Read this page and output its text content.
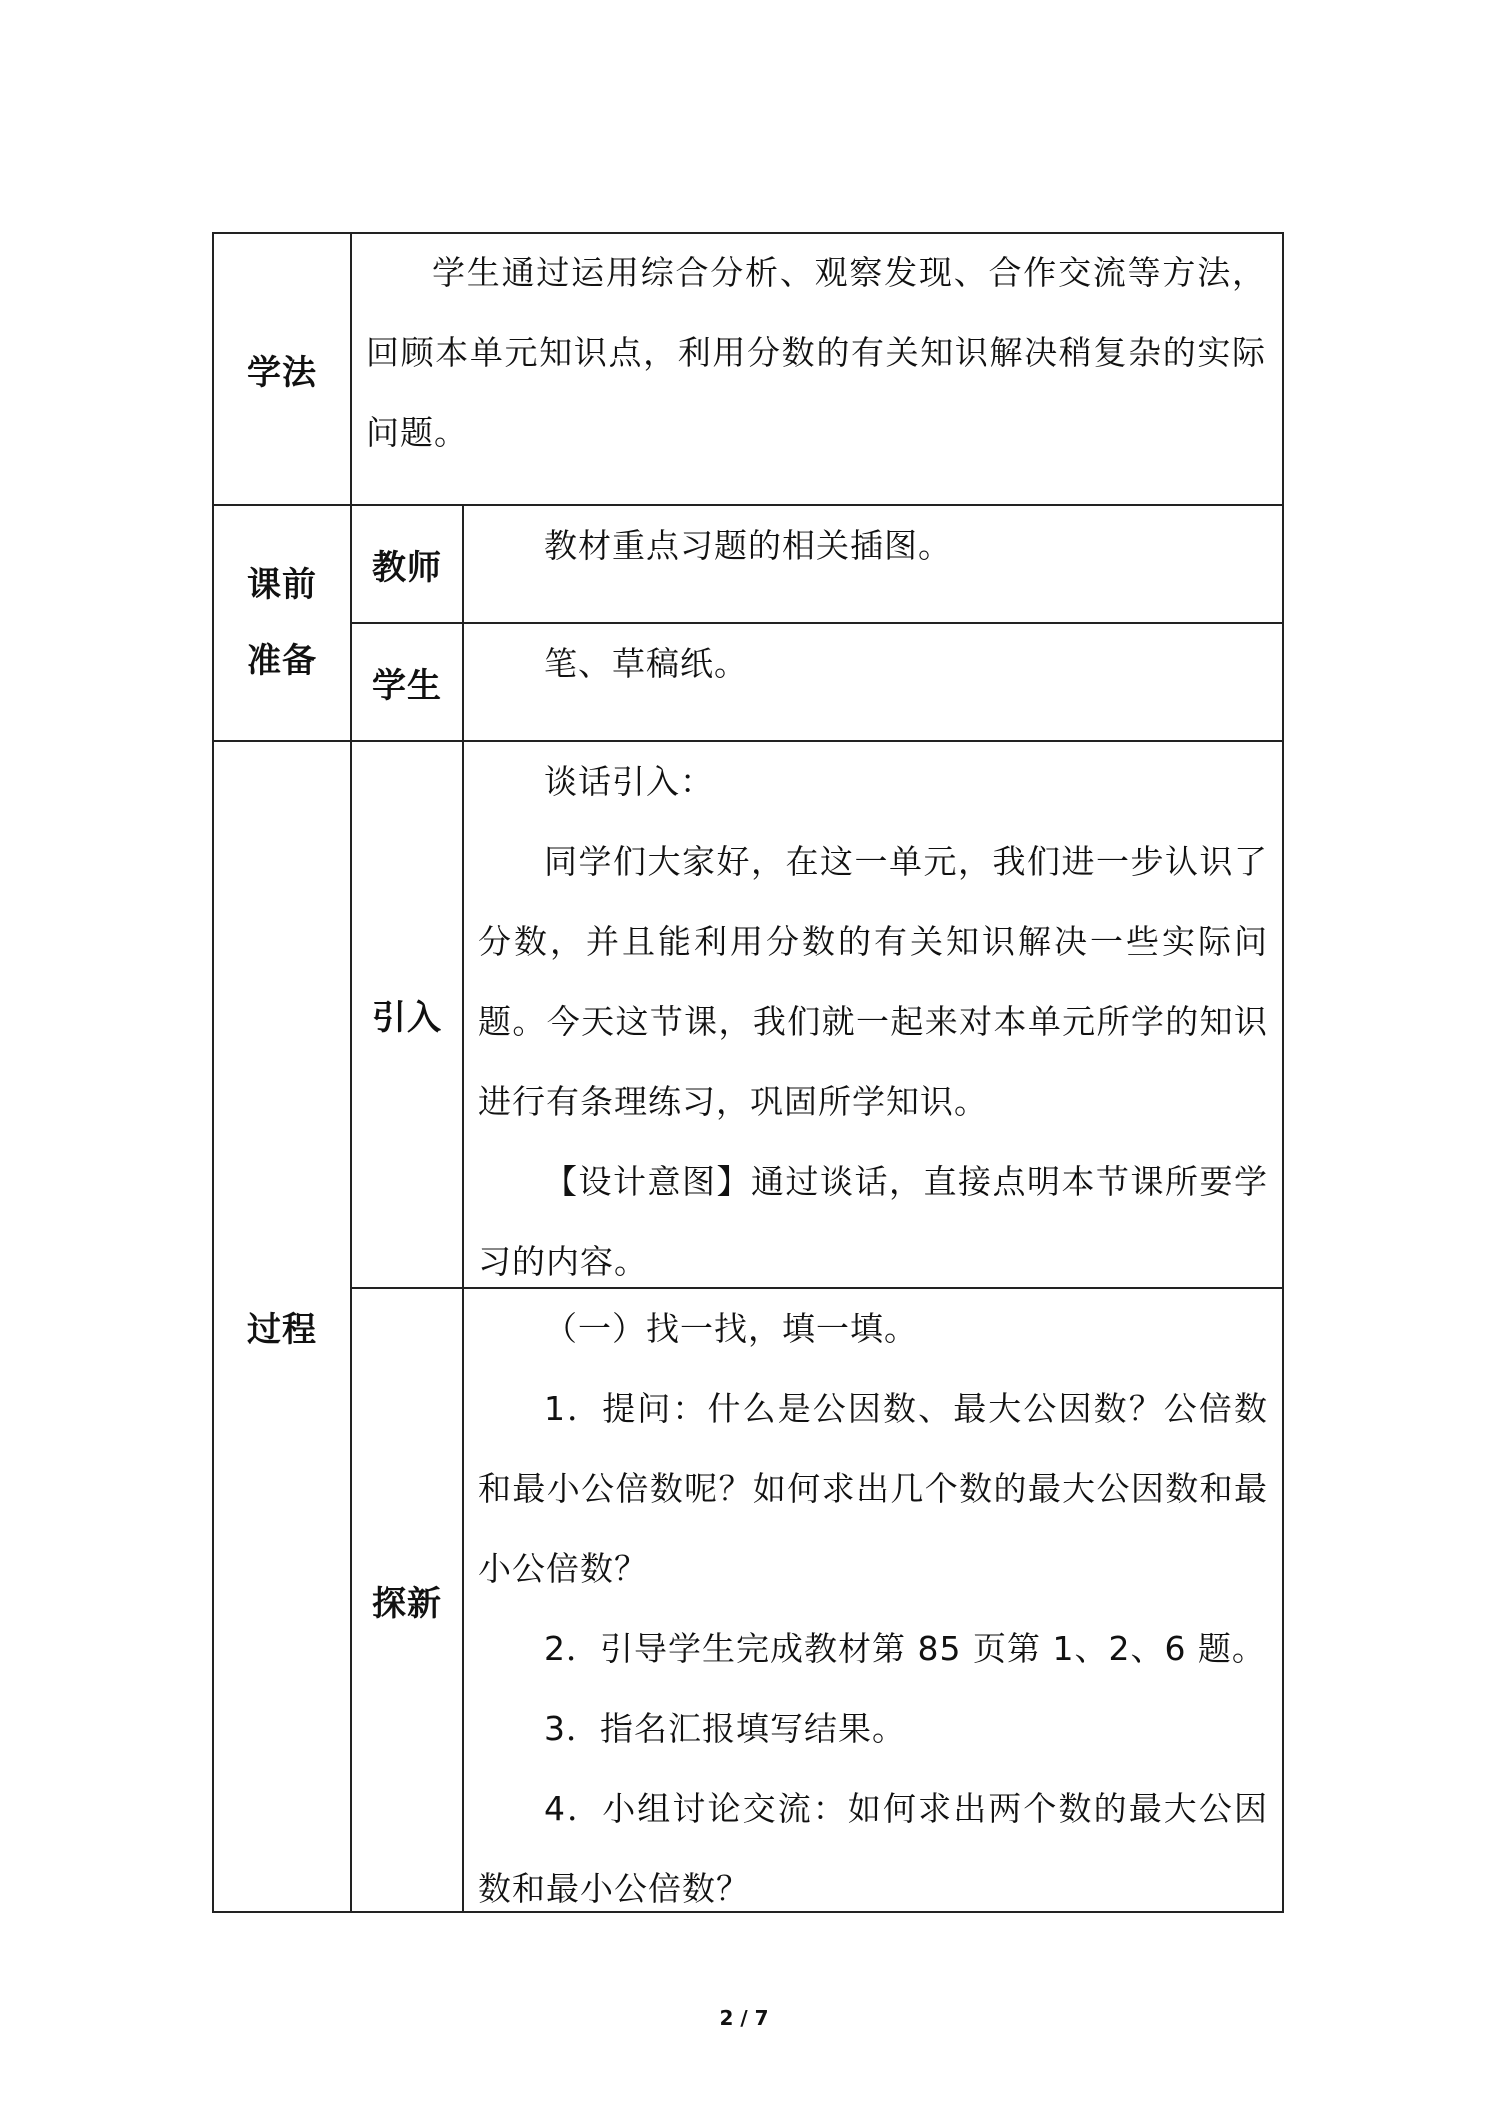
学法

学生通过运用综合分析、观察发现、合作交流等方法，回顾本单元知识点，利用分数的有关知识解决稍复杂的实际问题。

课前
准备
教师

教材重点习题的相关插图。

学生

笔、草稿纸。

过程
引入

谈话引入：

同学们大家好，在这一单元，我们进一步认识了分数，并且能利用分数的有关知识解决一些实际问题。今天这节课，我们就一起来对本单元所学的知识进行有条理练习，巩固所学知识。

【设计意图】通过谈话，直接点明本节课所要学习的内容。

探新

（一）找一找，填一填。

1．提问：什么是公因数、最大公因数？公倍数和最小公倍数呢？如何求出几个数的最大公因数和最小公倍数？

2．引导学生完成教材第 85 页第 1、2、6 题。

3．指名汇报填写结果。

4．小组讨论交流：如何求出两个数的最大公因数和最小公倍数？

2 / 7
